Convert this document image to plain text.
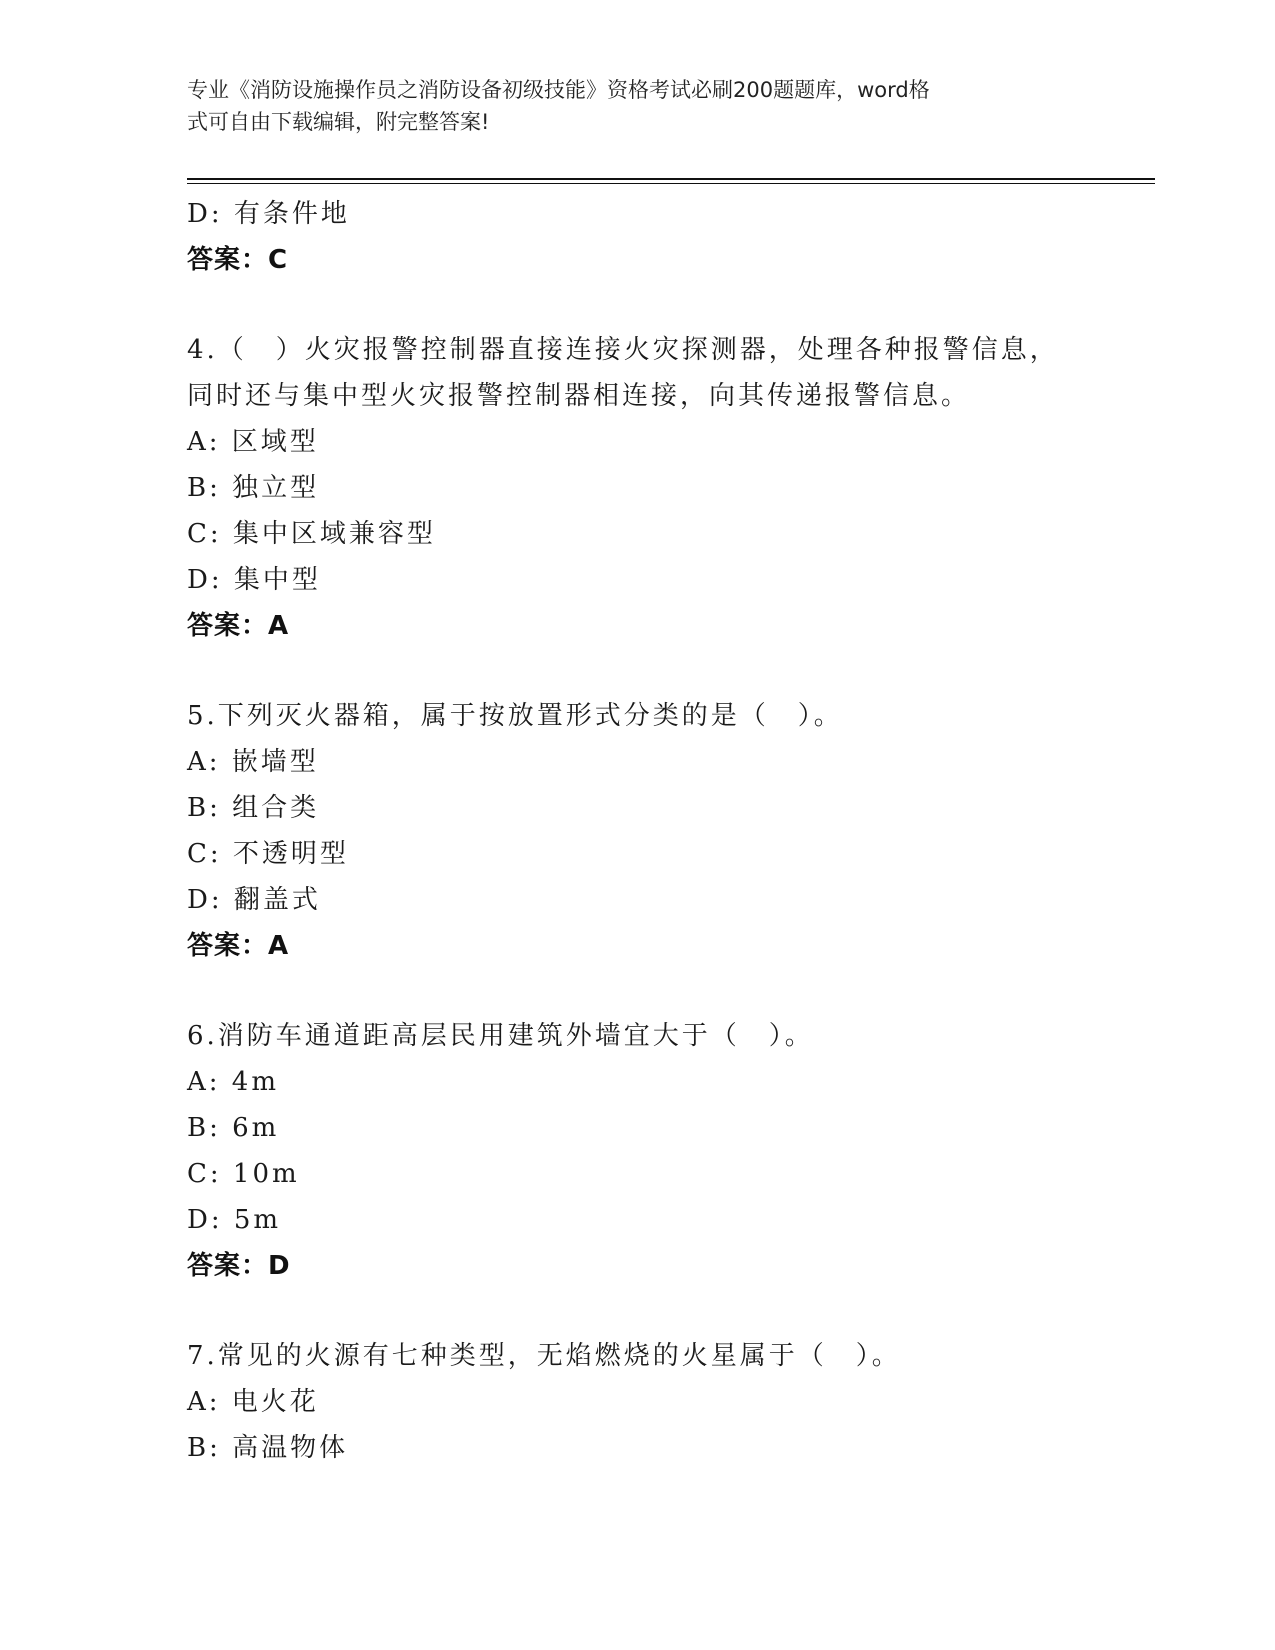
专业《消防设施操作员之消防设备初级技能》资格考试必刷200题题库，word格
式可自由下载编辑，附完整答案!
D: 有条件地
答案：C
4.（　）火灾报警控制器直接连接火灾探测器，处理各种报警信息，
同时还与集中型火灾报警控制器相连接，向其传递报警信息。
A: 区域型
B: 独立型
C: 集中区域兼容型
D: 集中型
答案：A
5.下列灭火器箱，属于按放置形式分类的是（　）。
A: 嵌墙型
B: 组合类
C: 不透明型
D: 翻盖式
答案：A
6.消防车通道距高层民用建筑外墙宜大于（　）。
A: 4m
B: 6m
C: 10m
D: 5m
答案：D
7.常见的火源有七种类型，无焰燃烧的火星属于（　）。
A: 电火花
B: 高温物体
